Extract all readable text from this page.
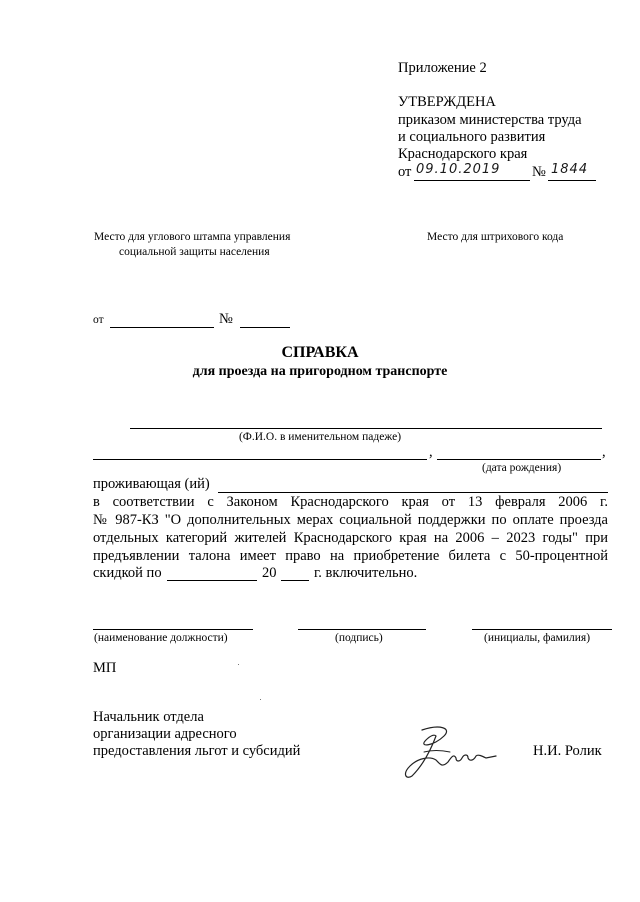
Приложение 2
УТВЕРЖДЕНА
приказом министерства труда
и социального развития
Краснодарского края
от 09.10.2019 № 1844
Место для углового штампа управления
социальной защиты населения
Место для штрихового кода
от	№
СПРАВКА
для проезда на пригородном транспорте
(Ф.И.О. в именительном падеже)
,	,
(дата рождения)
проживающая (ий)
в соответствии с Законом Краснодарского края от 13 февраля 2006 г.
№ 987-КЗ "О дополнительных мерах социальной поддержки по оплате проезда
отдельных категорий жителей Краснодарского края на 2006 – 2023 годы" при
предъявлении талона имеет право на приобретение билета с 50-процентной
скидкой по	20	г. включительно.
(наименование должности)	(подпись)	(инициалы, фамилия)
МП
Начальник отдела
организации адресного
предоставления льгот и субсидий	Н.И. Ролик
